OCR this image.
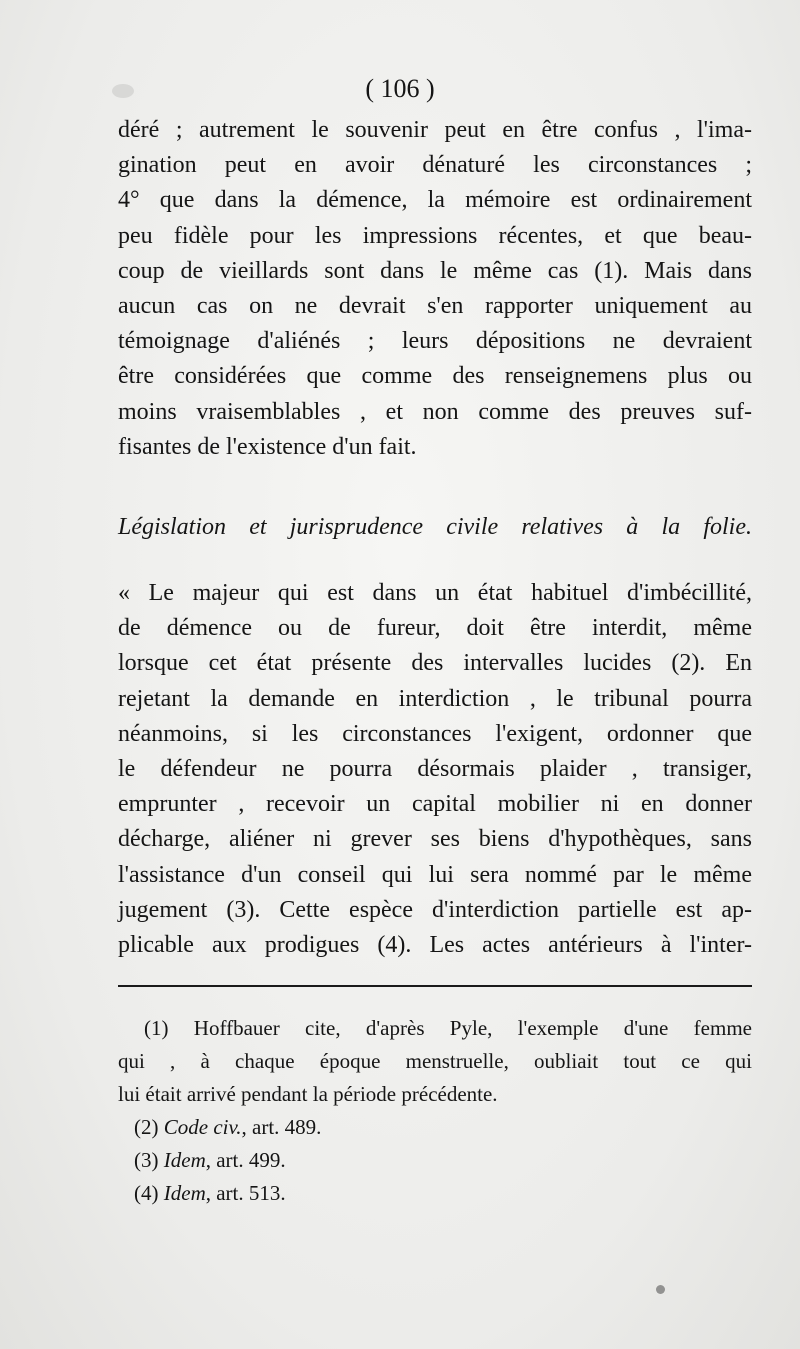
( 106 )
déré ; autrement le souvenir peut en être confus , l'ima-
gination peut en avoir dénaturé les circonstances ;
4° que dans la démence, la mémoire est ordinairement
peu fidèle pour les impressions récentes, et que beau-
coup de vieillards sont dans le même cas (1). Mais dans
aucun cas on ne devrait s'en rapporter uniquement au
témoignage d'aliénés ; leurs dépositions ne devraient
être considérées que comme des renseignemens plus ou
moins vraisemblables , et non comme des preuves suf-
fisantes de l'existence d'un fait.
Législation et jurisprudence civile relatives à la folie.
« Le majeur qui est dans un état habituel d'imbécillité,
de démence ou de fureur, doit être interdit, même
lorsque cet état présente des intervalles lucides (2). En
rejetant la demande en interdiction , le tribunal pourra
néanmoins, si les circonstances l'exigent, ordonner que
le défendeur ne pourra désormais plaider , transiger,
emprunter , recevoir un capital mobilier ni en donner
décharge, aliéner ni grever ses biens d'hypothèques, sans
l'assistance d'un conseil qui lui sera nommé par le même
jugement (3). Cette espèce d'interdiction partielle est ap-
plicable aux prodigues (4). Les actes antérieurs à l'inter-
(1) Hoffbauer cite, d'après Pyle, l'exemple d'une femme
qui , à chaque époque menstruelle, oubliait tout ce qui
lui était arrivé pendant la période précédente.
(2) Code civ., art. 489.
(3) Idem, art. 499.
(4) Idem, art. 513.
